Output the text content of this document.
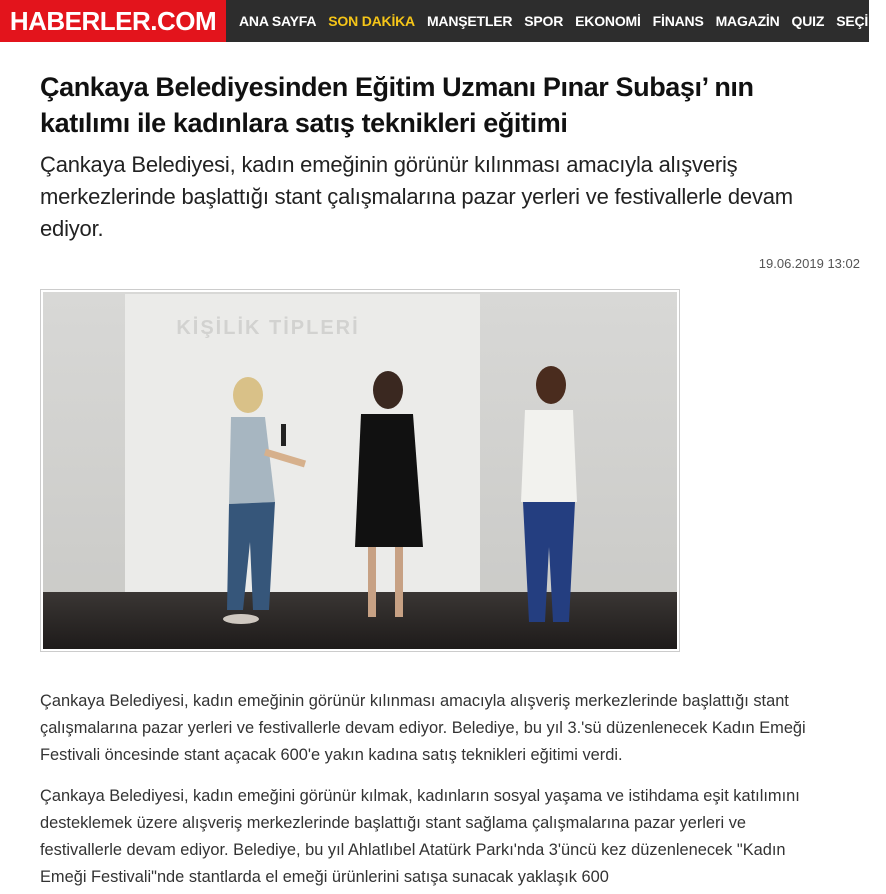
HABERLER.COM ANA SAYFA SON DAKİKA MANŞETLER SPOR EKONOMİ FİNANS MAGAZİN QUIZ SEÇİM
Çankaya Belediyesinden Eğitim Uzmanı Pınar Subaşı’ nın katılımı ile kadınlara satış teknikleri eğitimi

Çankaya Belediyesi, kadın emeğinin görünür kılınması amacıyla alışveriş merkezlerinde başlattığı stant çalışmalarına pazar yerleri ve festivallerle devam ediyor.

19.06.2019 13:02
KİŞİLİK TİPLERİ

Çankaya Belediyesi, kadın emeğinin görünür kılınması amacıyla alışveriş merkezlerinde başlattığı stant çalışmalarına pazar yerleri ve festivallerle devam ediyor. Belediye, bu yıl 3.'sü düzenlenecek Kadın Emeği Festivali öncesinde stant açacak 600'e yakın kadına satış teknikleri eğitimi verdi.

Çankaya Belediyesi, kadın emeğini görünür kılmak, kadınların sosyal yaşama ve istihdama eşit katılımını desteklemek üzere alışveriş merkezlerinde başlattığı stant sağlama çalışmalarına pazar yerleri ve festivallerle devam ediyor. Belediye, bu yıl Ahlatlıbel Atatürk Parkı'nda 3'üncü kez düzenlenecek "Kadın Emeği Festivali"nde stantlarda el emeği ürünlerini satışa sunacak yaklaşık 600
